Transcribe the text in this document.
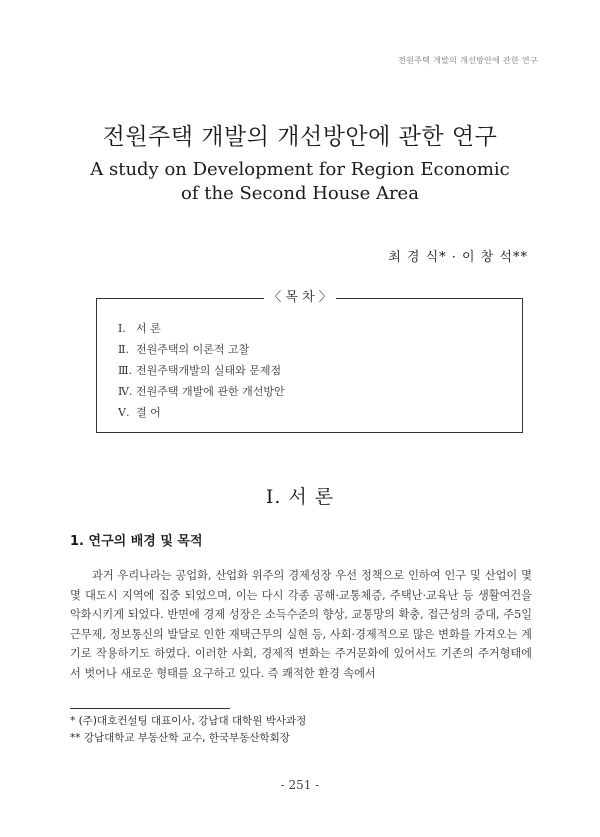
전원주택 개발의 개선방안에 관한 연구
전원주택 개발의 개선방안에 관한 연구
A study on Development for Region Economic
of the Second House Area
최 경 식* · 이 창 석**
〈 목 차 〉
Ⅰ. 서 론
Ⅱ. 전원주택의 이론적 고찰
Ⅲ. 전원주택개발의 실태와 문제점
Ⅳ. 전원주택 개발에 관한 개선방안
Ⅴ. 결 어
Ⅰ. 서 론
1. 연구의 배경 및 목적

과거 우리나라는 공업화, 산업화 위주의 경제성장 우선 정책으로 인하여 인구 및 산업이 몇몇 대도시 지역에 집중 되었으며, 이는 다시 각종 공해·교통체증, 주택난·교육난 등 생활여건을 악화시키게 되었다. 반면에 경제 성장은 소득수준의 향상, 교통망의 확충, 접근성의 증대, 주5일 근무제, 정보통신의 발달로 인한 재택근무의 실현 등, 사회·경제적으로 많은 변화를 가져오는 계기로 작용하기도 하였다. 이러한 사회, 경제적 변화는 주거문화에 있어서도 기존의 주거형태에서 벗어나 새로운 형태를 요구하고 있다. 즉 쾌적한 환경 속에서

* (주)대호컨설팅 대표이사, 강남대 대학원 박사과정
** 강남대학교 부동산학 교수, 한국부동산학회장
- 251 -
